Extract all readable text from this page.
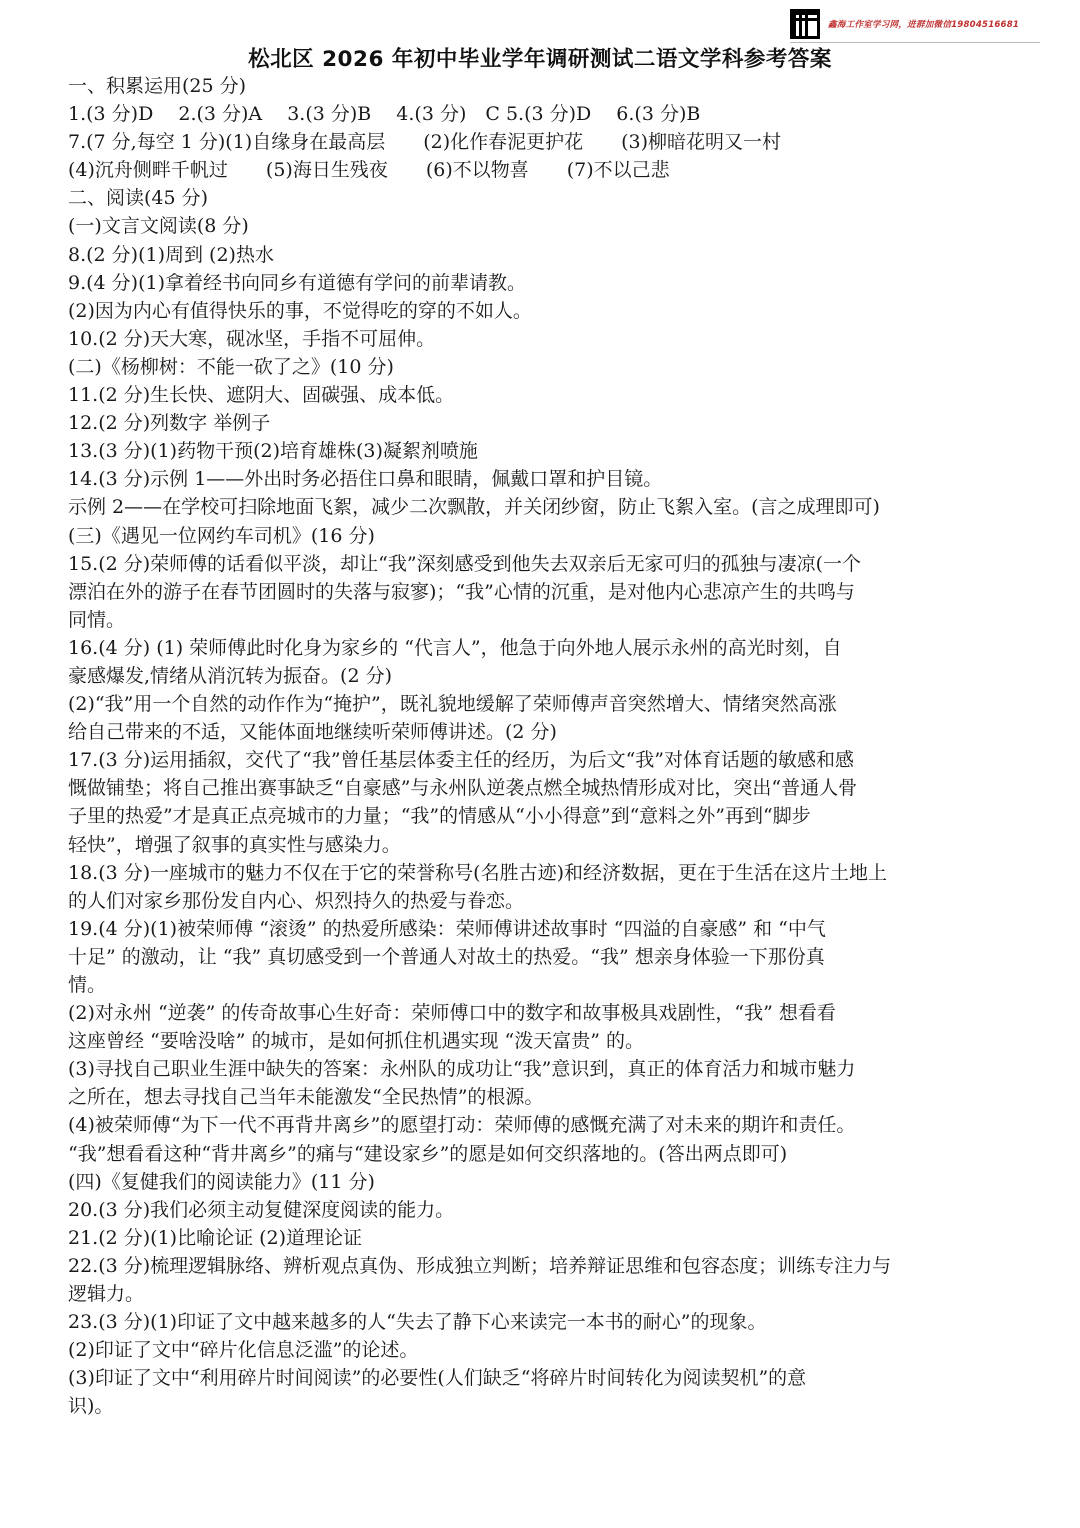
鑫海工作室学习网，进群加微信19804516681
松北区 2026 年初中毕业学年调研测试二语文学科参考答案
一、积累运用(25 分)
1.(3 分)D　 2.(3 分)A　 3.(3 分)B　 4.(3 分)　C 5.(3 分)D　 6.(3 分)B
7.(7 分,每空 1 分)(1)自缘身在最高层　　(2)化作春泥更护花　　(3)柳暗花明又一村
(4)沉舟侧畔千帆过　　(5)海日生残夜　　(6)不以物喜　　(7)不以己悲
二、阅读(45 分)
(一)文言文阅读(8 分)
8.(2 分)(1)周到 (2)热水
9.(4 分)(1)拿着经书向同乡有道德有学问的前辈请教。
(2)因为内心有值得快乐的事，不觉得吃的穿的不如人。
10.(2 分)天大寒，砚冰坚，手指不可屈伸。
(二)《杨柳树：不能一砍了之》(10 分)
11.(2 分)生长快、遮阴大、固碳强、成本低。
12.(2 分)列数字 举例子
13.(3 分)(1)药物干预(2)培育雄株(3)凝絮剂喷施
14.(3 分)示例 1——外出时务必捂住口鼻和眼睛，佩戴口罩和护目镜。
示例 2——在学校可扫除地面飞絮，减少二次飘散，并关闭纱窗，防止飞絮入室。(言之成理即可)
(三)《遇见一位网约车司机》(16 分)
15.(2 分)荣师傅的话看似平淡，却让“我”深刻感受到他失去双亲后无家可归的孤独与凄凉(一个
漂泊在外的游子在春节团圆时的失落与寂寥)；“我”心情的沉重，是对他内心悲凉产生的共鸣与
同情。
16.(4 分) (1) 荣师傅此时化身为家乡的 “代言人”，他急于向外地人展示永州的高光时刻，自
豪感爆发,情绪从消沉转为振奋。(2 分)
(2)“我”用一个自然的动作作为“掩护”，既礼貌地缓解了荣师傅声音突然增大、情绪突然高涨
给自己带来的不适，又能体面地继续听荣师傅讲述。(2 分)
17.(3 分)运用插叙，交代了“我”曾任基层体委主任的经历，为后文“我”对体育话题的敏感和感
慨做铺垫；将自己推出赛事缺乏“自豪感”与永州队逆袭点燃全城热情形成对比，突出“普通人骨
子里的热爱”才是真正点亮城市的力量；“我”的情感从“小小得意”到“意料之外”再到“脚步
轻快”，增强了叙事的真实性与感染力。
18.(3 分)一座城市的魅力不仅在于它的荣誉称号(名胜古迹)和经济数据，更在于生活在这片土地上
的人们对家乡那份发自内心、炽烈持久的热爱与眷恋。
19.(4 分)(1)被荣师傅 “滚烫” 的热爱所感染：荣师傅讲述故事时 “四溢的自豪感” 和 “中气
十足” 的激动，让 “我” 真切感受到一个普通人对故土的热爱。“我” 想亲身体验一下那份真
情。
(2)对永州 “逆袭” 的传奇故事心生好奇：荣师傅口中的数字和故事极具戏剧性，“我” 想看看
这座曾经 “要啥没啥” 的城市，是如何抓住机遇实现 “泼天富贵” 的。
(3)寻找自己职业生涯中缺失的答案：永州队的成功让“我”意识到，真正的体育活力和城市魅力
之所在，想去寻找自己当年未能激发“全民热情”的根源。
(4)被荣师傅“为下一代不再背井离乡”的愿望打动：荣师傅的感慨充满了对未来的期许和责任。
“我”想看看这种“背井离乡”的痛与“建设家乡”的愿是如何交织落地的。(答出两点即可)
(四)《复健我们的阅读能力》(11 分)
20.(3 分)我们必须主动复健深度阅读的能力。
21.(2 分)(1)比喻论证 (2)道理论证
22.(3 分)梳理逻辑脉络、辨析观点真伪、形成独立判断；培养辩证思维和包容态度；训练专注力与
逻辑力。
23.(3 分)(1)印证了文中越来越多的人“失去了静下心来读完一本书的耐心”的现象。
(2)印证了文中“碎片化信息泛滥”的论述。
(3)印证了文中“利用碎片时间阅读”的必要性(人们缺乏“将碎片时间转化为阅读契机”的意
识)。
